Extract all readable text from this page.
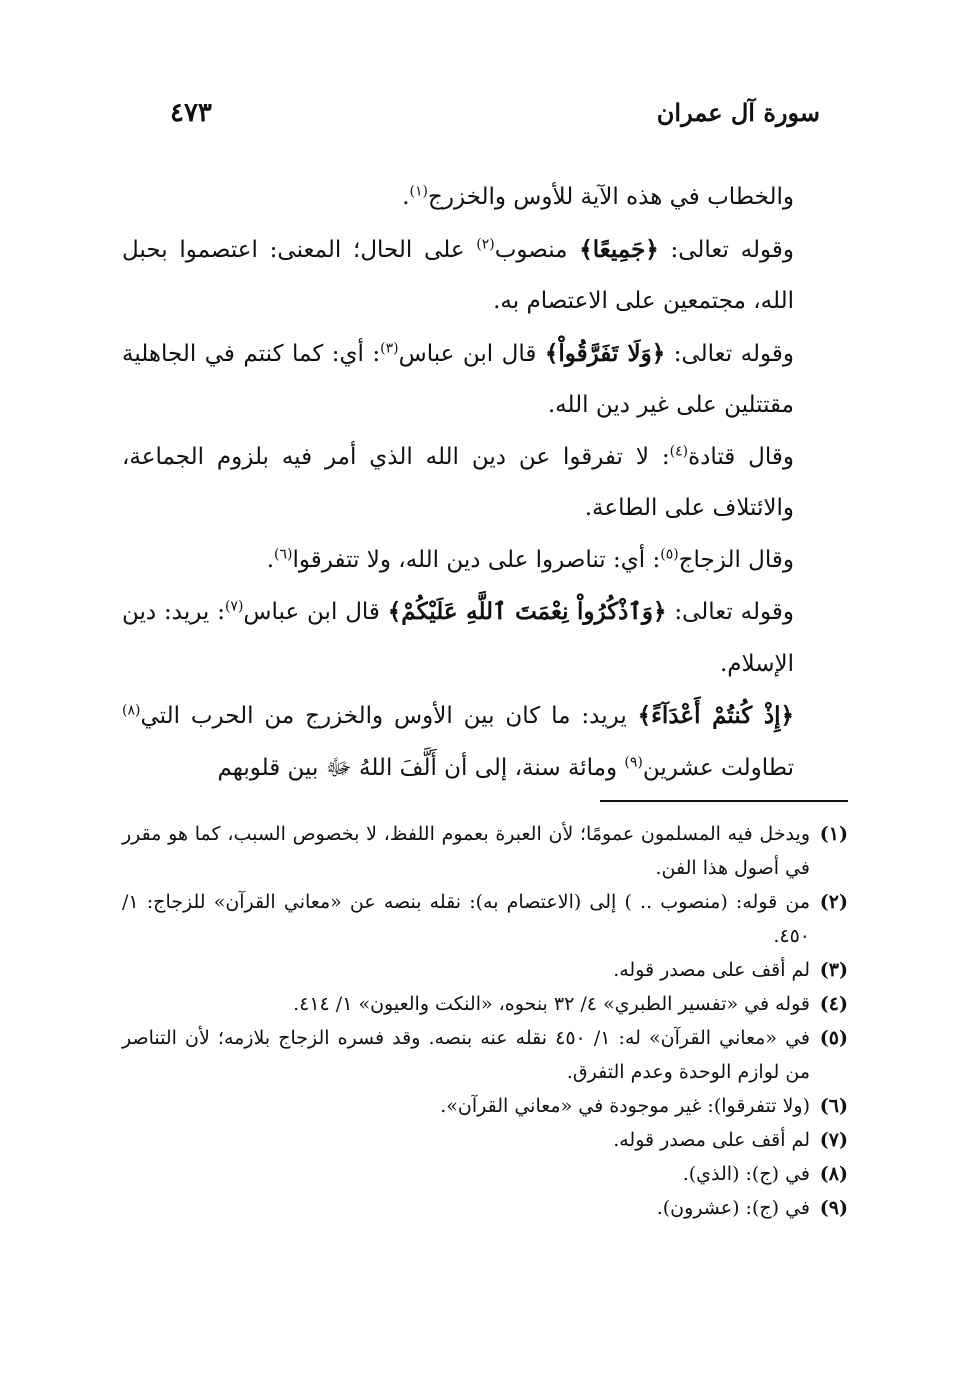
سورة آل عمران
٤٧٣

والخطاب في هذه الآية للأوس والخزرج$^{(١)}$.

وقوله تعالى: ﴿جَمِيعًا﴾ منصوب$^{(٢)}$ على الحال؛ المعنى: اعتصموا بحبل الله، مجتمعين على الاعتصام به.

وقوله تعالى: ﴿وَلَا تَفَرَّقُواْ﴾ قال ابن عباس$^{(٣)}$: أي: كما كنتم في الجاهلية مقتتلين على غير دين الله.

وقال قتادة$^{(٤)}$: لا تفرقوا عن دين الله الذي أمر فيه بلزوم الجماعة، والائتلاف على الطاعة.

وقال الزجاج$^{(٥)}$: أي: تناصروا على دين الله، ولا تتفرقوا$^{(٦)}$.

وقوله تعالى: ﴿وَٱذْكُرُواْ نِعْمَتَ ٱللَّهِ عَلَيْكُمْ﴾ قال ابن عباس$^{(٧)}$: يريد: دين الإسلام.

﴿إِذْ كُنتُمْ أَعْدَآءً﴾ يريد: ما كان بين الأوس والخزرج من الحرب التي$^{(٨)}$ تطاولت عشرين$^{(٩)}$ ومائة سنة، إلى أن أَلَّفَ اللهُ ﷻ بين قلوبهم

(١)
ويدخل فيه المسلمون عمومًا؛ لأن العبرة بعموم اللفظ، لا بخصوص السبب، كما هو مقرر في أصول هذا الفن.
(٢)
من قوله: (منصوب .. ) إلى (الاعتصام به): نقله بنصه عن «معاني القرآن» للزجاج: ١/ ٤٥٠.
(٣)
لم أقف على مصدر قوله.
(٤)
قوله في «تفسير الطبري» ٤/ ٣٢ بنحوه، «النكت والعيون» ١/ ٤١٤.
(٥)
في «معاني القرآن» له: ١/ ٤٥٠ نقله عنه بنصه. وقد فسره الزجاج بلازمه؛ لأن التناصر من لوازم الوحدة وعدم التفرق.
(٦)
(ولا تتفرقوا): غير موجودة في «معاني القرآن».
(٧)
لم أقف على مصدر قوله.
(٨)
في (ج): (الذي).
(٩)
في (ج): (عشرون).
